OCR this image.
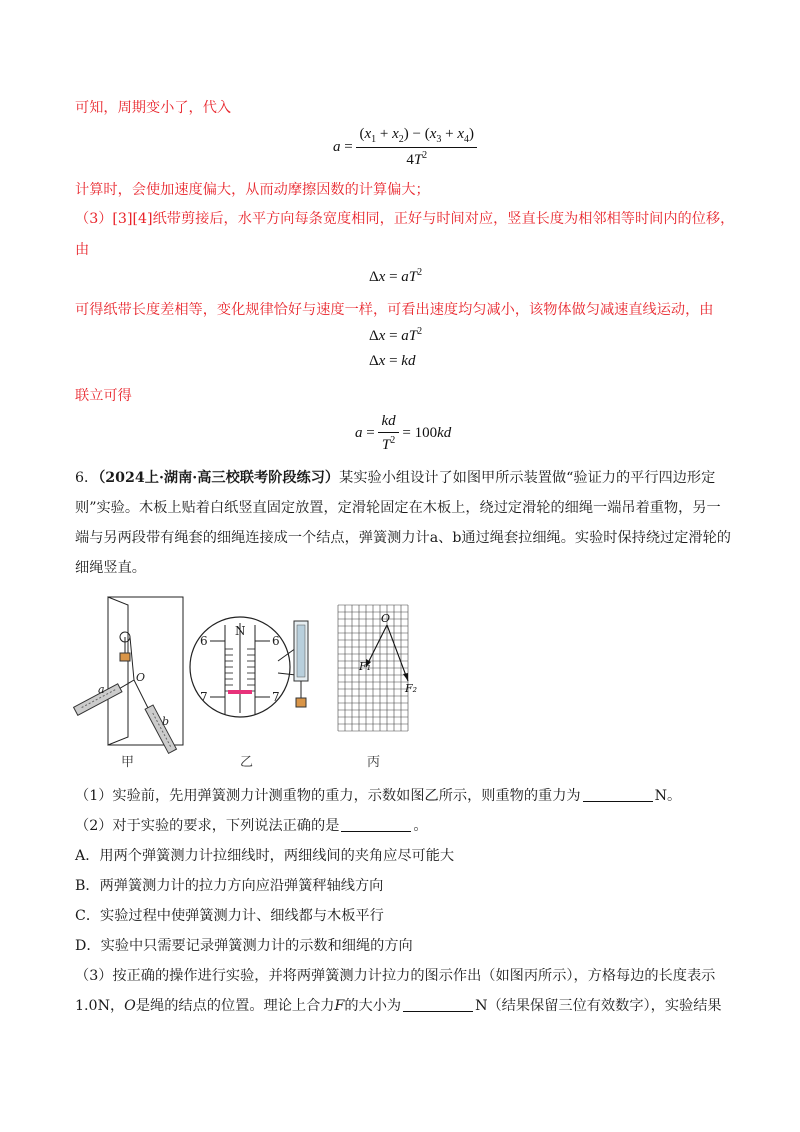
可知，周期变小了，代入
$a = \frac{(x_1 + x_2) - (x_3 + x_4)}{4T^2}$
计算时，会使加速度偏大，从而动摩擦因数的计算偏大；
（3）[3][4]纸带剪接后，水平方向每条宽度相同，正好与时间对应，竖直长度为相邻相等时间内的位移，
由
$\Delta x = aT^2$
可得纸带长度差相等，变化规律恰好与速度一样，可看出速度均匀减小，该物体做匀减速直线运动，由
$\Delta x = aT^2$
Δx = kd
联立可得
$a = \frac{kd}{T^2} = 100kd$
6．（2024上·湖南·高三校联考阶段练习）某实验小组设计了如图甲所示装置做“验证力的平行四边形定
则”实验。木板上贴着白纸竖直固定放置，定滑轮固定在木板上，绕过定滑轮的细绳一端吊着重物，另一
端与另两段带有绳套的细绳连接成一个结点，弹簧测力计a、b通过绳套拉细绳。实验时保持绕过定滑轮的
细绳竖直。
a
O
b
甲
N
6	6
7	7
乙
O
F₁
F₂
丙
（1）实验前，先用弹簧测力计测重物的重力，示数如图乙所示，则重物的重力为	N。
（2）对于实验的要求，下列说法正确的是	。
A．用两个弹簧测力计拉细线时，两细线间的夹角应尽可能大
B．两弹簧测力计的拉力方向应沿弹簧秤轴线方向
C．实验过程中使弹簧测力计、细线都与木板平行
D．实验中只需要记录弹簧测力计的示数和细绳的方向
（3）按正确的操作进行实验，并将两弹簧测力计拉力的图示作出（如图丙所示），方格每边的长度表示
1.0N，O是绳的结点的位置。理论上合力F的大小为	N（结果保留三位有效数字），实验结果
